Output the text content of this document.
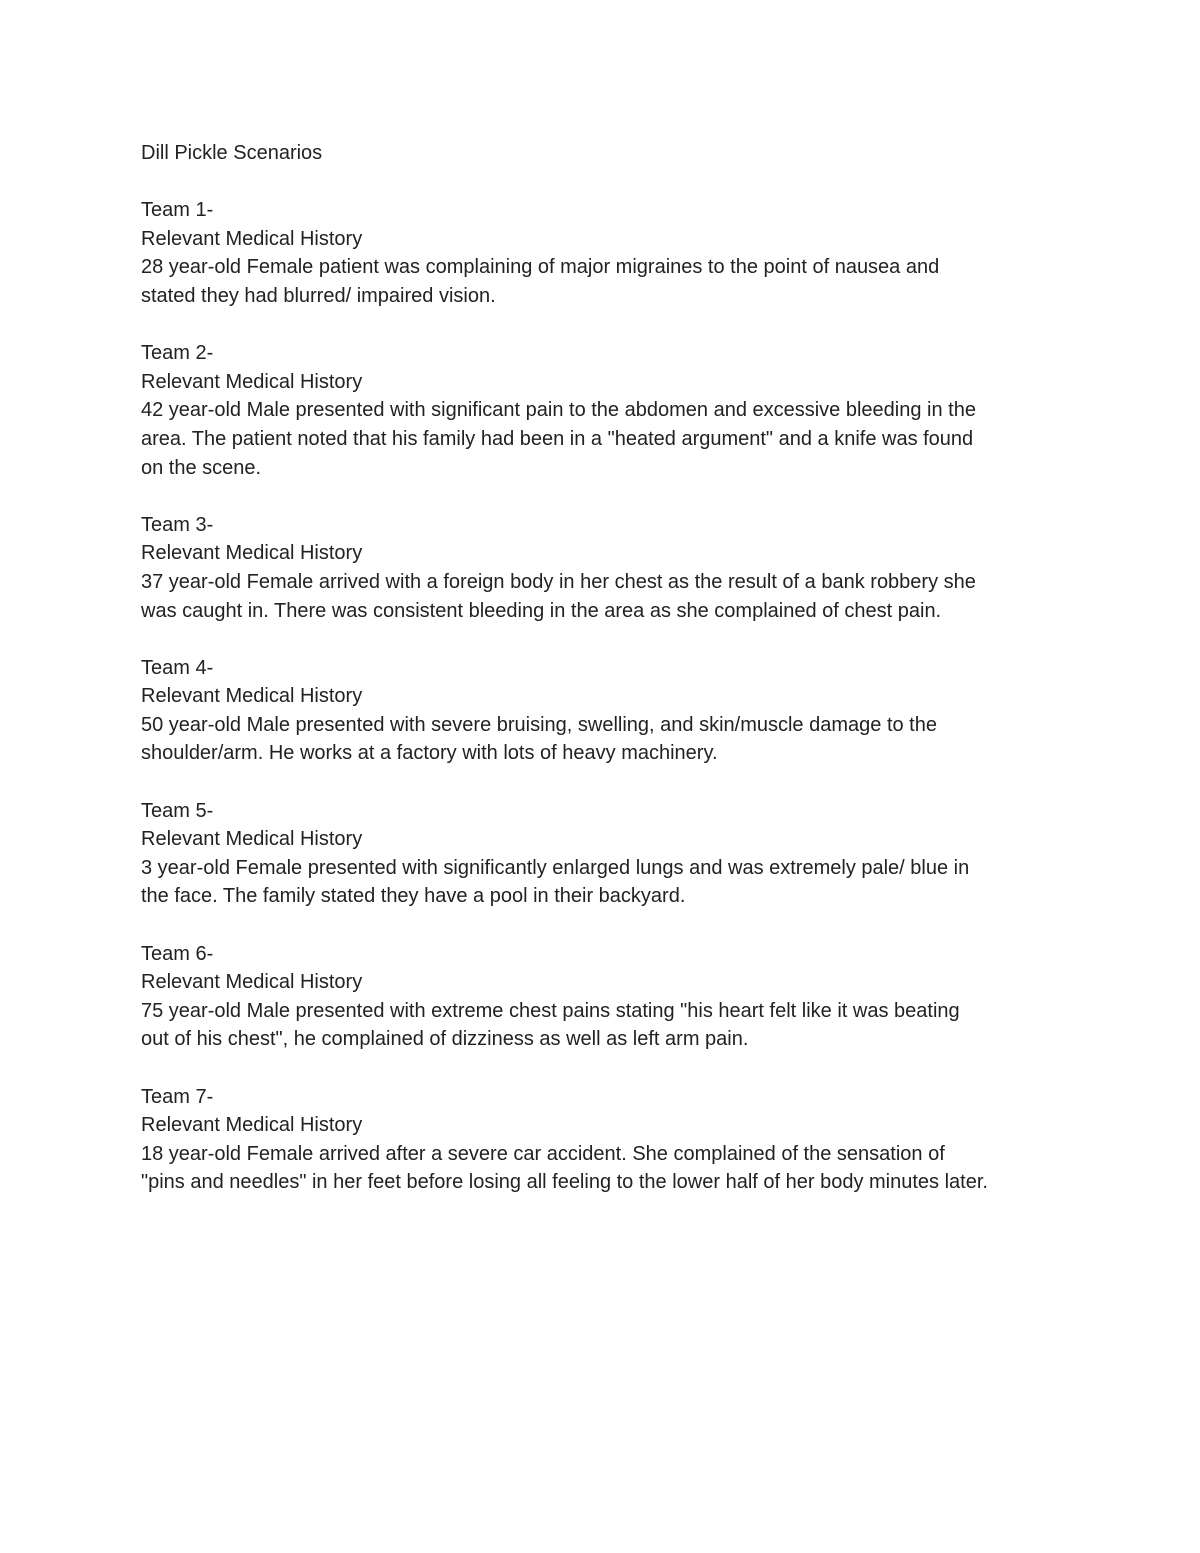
Dill Pickle Scenarios
Team 1-
Relevant Medical History
28 year-old Female patient was complaining of major migraines to the point of nausea and
stated they had blurred/ impaired vision.
Team 2-
Relevant Medical History
42 year-old Male presented with significant pain to the abdomen and excessive bleeding in the
area. The patient noted that his family had been in a "heated argument" and a knife was found
on the scene.
Team 3-
Relevant Medical History
37 year-old Female arrived with a foreign body in her chest as the result of a bank robbery she
was caught in. There was consistent bleeding in the area as she complained of chest pain.
Team 4-
Relevant Medical History
50 year-old Male presented with severe bruising, swelling, and skin/muscle damage to the
shoulder/arm. He works at a factory with lots of heavy machinery.
Team 5-
Relevant Medical History
3 year-old Female presented with significantly enlarged lungs and was extremely pale/ blue in
the face. The family stated they have a pool in their backyard.
Team 6-
Relevant Medical History
75 year-old Male presented with extreme chest pains stating "his heart felt like it was beating
out of his chest", he complained of dizziness as well as left arm pain.
Team 7-
Relevant Medical History
18 year-old Female arrived after a severe car accident. She complained of the sensation of
"pins and needles" in her feet before losing all feeling to the lower half of her body minutes later.
